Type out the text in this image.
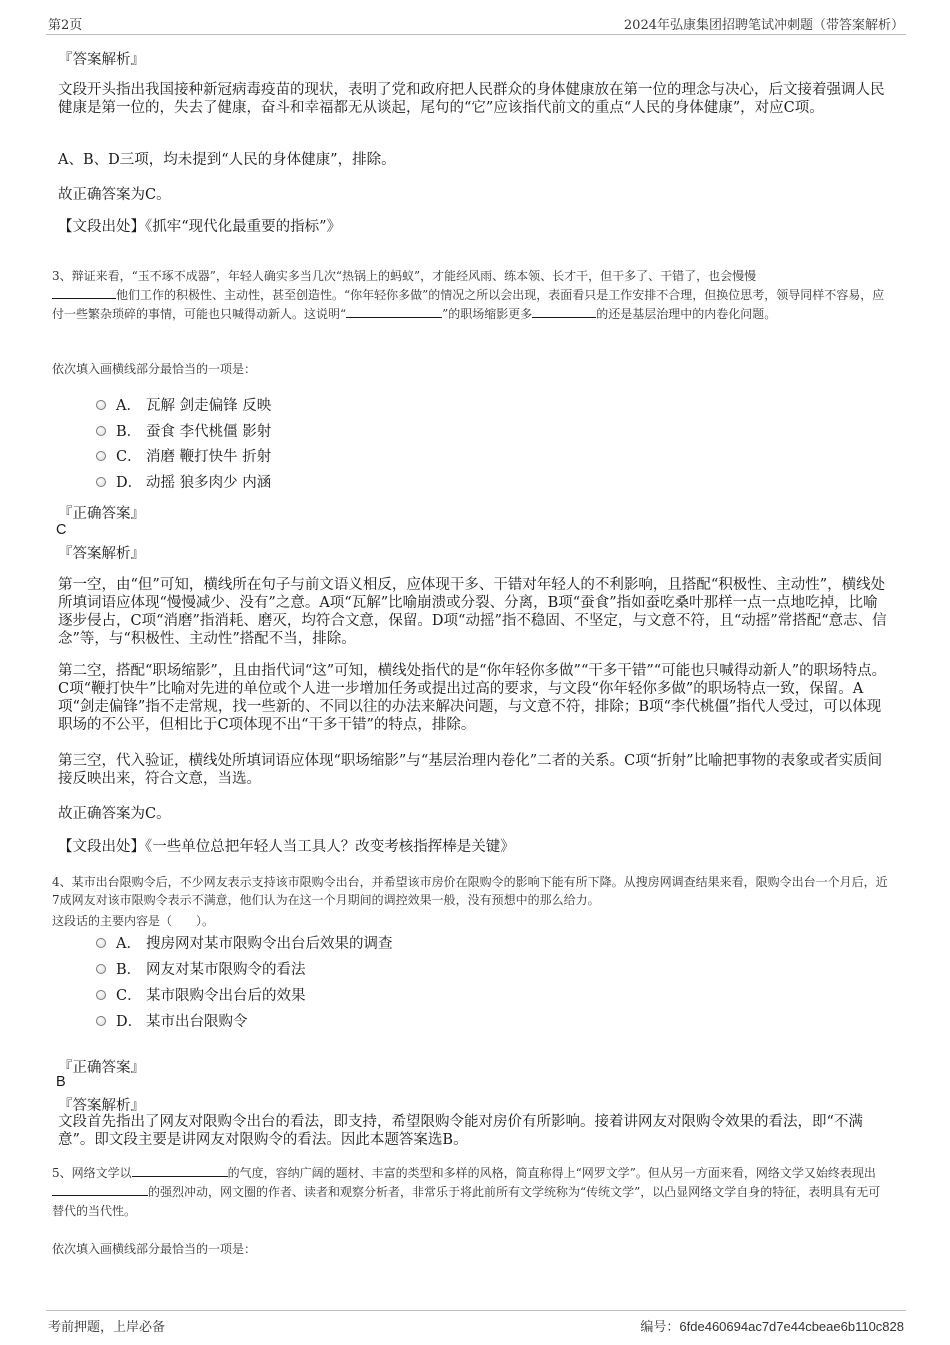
第2页	2024年弘康集团招聘笔试冲刺题（带答案解析）
『答案解析』
文段开头指出我国接种新冠病毒疫苗的现状，表明了党和政府把人民群众的身体健康放在第一位的理念与决心，后文接着强调人民健康是第一位的，失去了健康，奋斗和幸福都无从谈起，尾句的“它”应该指代前文的重点“人民的身体健康”，对应C项。
A、B、D三项，均未提到“人民的身体健康”，排除。
故正确答案为C。
【文段出处】《抓牢“现代化最重要的指标”》
3、辩证来看，“玉不琢不成器”，年轻人确实多当几次“热锅上的蚂蚁”，才能经风雨、练本领、长才干，但干多了、干错了，也会慢慢
他们工作的积极性、主动性，甚至创造性。“你年轻你多做”的情况之所以会出现，表面看只是工作安排不合理，但换位思考，领导同样不容易，应付一些繁杂琐碎的事情，可能也只喊得动新人。这说明“	”的职场缩影更多	的还是基层治理中的内卷化问题。
依次填入画横线部分最恰当的一项是：
A． 瓦解 剑走偏锋 反映
B． 蚕食 李代桃僵 影射
C． 消磨 鞭打快牛 折射
D． 动摇 狼多肉少 内涵
『正确答案』
C
『答案解析』
第一空，由“但”可知，横线所在句子与前文语义相反，应体现干多、干错对年轻人的不利影响，且搭配“积极性、主动性”，横线处所填词语应体现“慢慢减少、没有”之意。A项“瓦解”比喻崩溃或分裂、分离，B项“蚕食”指如蚕吃桑叶那样一点一点地吃掉，比喻逐步侵占，C项“消磨”指消耗、磨灭，均符合文意，保留。D项“动摇”指不稳固、不坚定，与文意不符，且“动摇”常搭配“意志、信念”等，与“积极性、主动性”搭配不当，排除。
第二空，搭配“职场缩影”，且由指代词“这”可知，横线处指代的是“你年轻你多做”“干多干错”“可能也只喊得动新人”的职场特点。C项“鞭打快牛”比喻对先进的单位或个人进一步增加任务或提出过高的要求，与文段“你年轻你多做”的职场特点一致，保留。A项“剑走偏锋”指不走常规，找一些新的、不同以往的办法来解决问题，与文意不符，排除；B项“李代桃僵”指代人受过，可以体现职场的不公平，但相比于C项体现不出“干多干错”的特点，排除。
第三空，代入验证，横线处所填词语应体现“职场缩影”与“基层治理内卷化”二者的关系。C项“折射”比喻把事物的表象或者实质间接反映出来，符合文意，当选。
故正确答案为C。
【文段出处】《一些单位总把年轻人当工具人？改变考核指挥棒是关键》
4、某市出台限购令后，不少网友表示支持该市限购令出台，并希望该市房价在限购令的影响下能有所下降。从搜房网调查结果来看，限购令出台一个月后，近7成网友对该市限购令表示不满意，他们认为在这一个月期间的调控效果一般，没有预想中的那么给力。
这段话的主要内容是（　　）。
A． 搜房网对某市限购令出台后效果的调查
B． 网友对某市限购令的看法
C． 某市限购令出台后的效果
D． 某市出台限购令
『正确答案』
B
『答案解析』
文段首先指出了网友对限购令出台的看法，即支持，希望限购令能对房价有所影响。接着讲网友对限购令效果的看法，即“不满意”。即文段主要是讲网友对限购令的看法。因此本题答案选B。
5、网络文学以	的气度，容纳广阔的题材、丰富的类型和多样的风格，简直称得上“网罗文学”。但从另一方面来看，网络文学又始终表现出的强烈冲动，网文圈的作者、读者和观察分析者，非常乐于将此前所有文学统称为“传统文学”，以凸显网络文学自身的特征，表明具有无可替代的当代性。
依次填入画横线部分最恰当的一项是：
考前押题，上岸必备	编号：6fde460694ac7d7e44cbeae6b110c828
